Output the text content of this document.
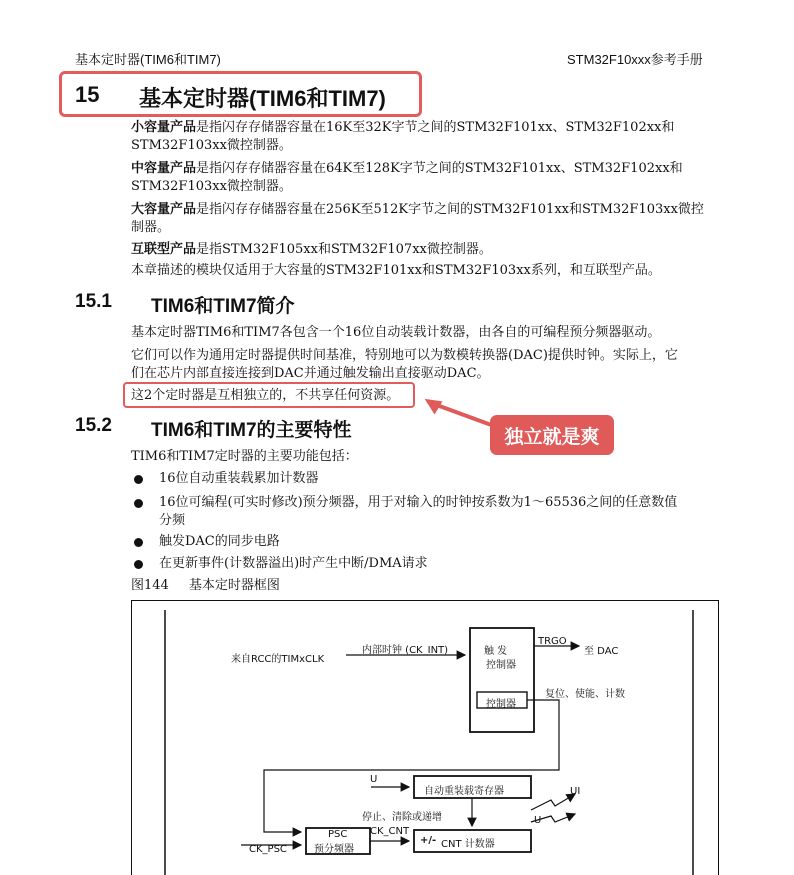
基本定时器(TIM6和TIM7)	STM32F10xxx参考手册
15 基本定时器(TIM6和TIM7)
小容量产品是指闪存存储器容量在16K至32K字节之间的STM32F101xx、STM32F102xx和
STM32F103xx微控制器。
中容量产品是指闪存存储器容量在64K至128K字节之间的STM32F101xx、STM32F102xx和
STM32F103xx微控制器。
大容量产品是指闪存存储器容量在256K至512K字节之间的STM32F101xx和STM32F103xx微控
制器。
互联型产品是指STM32F105xx和STM32F107xx微控制器。
本章描述的模块仅适用于大容量的STM32F101xx和STM32F103xx系列，和互联型产品。
15.1 TIM6和TIM7简介
基本定时器TIM6和TIM7各包含一个16位自动装载计数器，由各自的可编程预分频器驱动。
它们可以作为通用定时器提供时间基准，特别地可以为数模转换器(DAC)提供时钟。实际上，它
们在芯片内部直接连接到DAC并通过触发输出直接驱动DAC。
这2个定时器是互相独立的，不共享任何资源。
独立就是爽
15.2 TIM6和TIM7的主要特性
TIM6和TIM7定时器的主要功能包括：
16位自动重装载累加计数器
16位可编程(可实时修改)预分频器，用于对输入的时钟按系数为1～65536之间的任意数值
分频
触发DAC的同步电路
在更新事件(计数器溢出)时产生中断/DMA请求
图144 基本定时器框图
来自RCC的TIMxCLK
内部时钟 (CK_INT)	触 发
控制器
控制器
TRGO
至 DAC
复位、使能、计数
U
自动重装载寄存器	UI
停止、清除或递增	U
PSC
预分频器
CK_CNT
+/- CNT 计数器
CK_PSC
